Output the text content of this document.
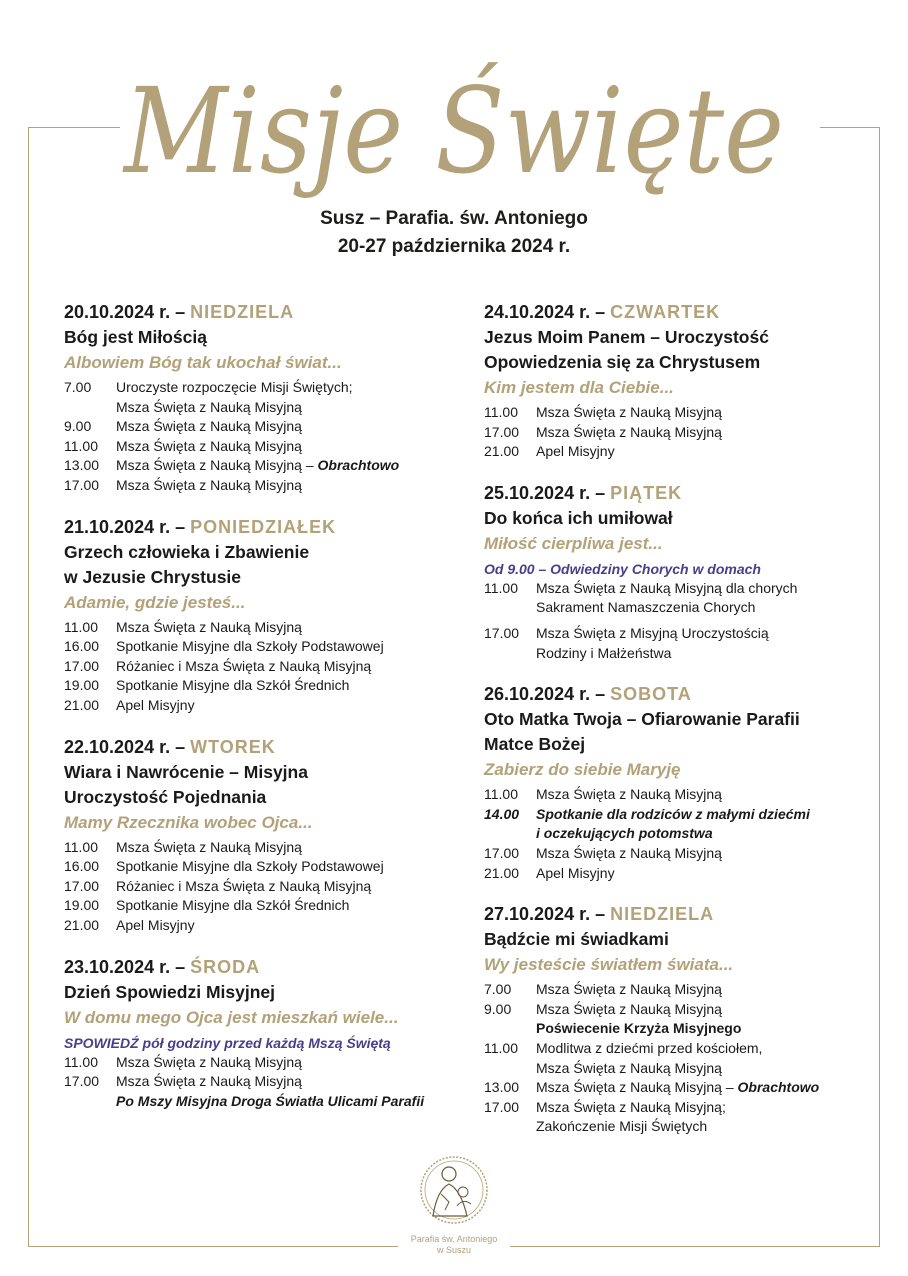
Misje Święte
Susz – Parafia. św. Antoniego
20-27 października 2024 r.
20.10.2024 r. – NIEDZIELA
Bóg jest Miłością
Albowiem Bóg tak ukochał świat...
7.00	Uroczyste rozpoczęcie Misji Świętych;
Msza Święta z Nauką Misyjną
9.00	Msza Święta z Nauką Misyjną
11.00	Msza Święta z Nauką Misyjną
13.00	Msza Święta z Nauką Misyjną – Obrachtowo
17.00	Msza Święta z Nauką Misyjną
21.10.2024 r. – PONIEDZIAŁEK
Grzech człowieka i Zbawienie
w Jezusie Chrystusie
Adamie, gdzie jesteś...
11.00	Msza Święta z Nauką Misyjną
16.00	Spotkanie Misyjne dla Szkoły Podstawowej
17.00	Różaniec i Msza Święta z Nauką Misyjną
19.00	Spotkanie Misyjne dla Szkół Średnich
21.00	Apel Misyjny
22.10.2024 r. – WTOREK
Wiara i Nawrócenie – Misyjna
Uroczystość Pojednania
Mamy Rzecznika wobec Ojca...
11.00	Msza Święta z Nauką Misyjną
16.00	Spotkanie Misyjne dla Szkoły Podstawowej
17.00	Różaniec i Msza Święta z Nauką Misyjną
19.00	Spotkanie Misyjne dla Szkół Średnich
21.00	Apel Misyjny
23.10.2024 r. – ŚRODA
Dzień Spowiedzi Misyjnej
W domu mego Ojca jest mieszkań wiele...
SPOWIEDŹ pół godziny przed każdą Mszą Świętą
11.00	Msza Święta z Nauką Misyjną
17.00	Msza Święta z Nauką Misyjną
Po Mszy Misyjna Droga Światła Ulicami Parafii
24.10.2024 r. – CZWARTEK
Jezus Moim Panem – Uroczystość
Opowiedzenia się za Chrystusem
Kim jestem dla Ciebie...
11.00	Msza Święta z Nauką Misyjną
17.00	Msza Święta z Nauką Misyjną
21.00	Apel Misyjny
25.10.2024 r. – PIĄTEK
Do końca ich umiłował
Miłość cierpliwa jest...
Od 9.00 – Odwiedziny Chorych w domach
11.00	Msza Święta z Nauką Misyjną dla chorych
Sakrament Namaszczenia Chorych
17.00	Msza Święta z Misyjną Uroczystością
Rodziny i Małżeństwa
26.10.2024 r. – SOBOTA
Oto Matka Twoja – Ofiarowanie Parafii
Matce Bożej
Zabierz do siebie Maryję
11.00	Msza Święta z Nauką Misyjną
14.00	Spotkanie dla rodziców z małymi dziećmi
i oczekujących potomstwa
17.00	Msza Święta z Nauką Misyjną
21.00	Apel Misyjny
27.10.2024 r. – NIEDZIELA
Bądźcie mi świadkami
Wy jesteście światłem świata...
7.00	Msza Święta z Nauką Misyjną
9.00	Msza Święta z Nauką Misyjną
Poświecenie Krzyża Misyjnego
11.00	Modlitwa z dziećmi przed kościołem,
Msza Święta z Nauką Misyjną
13.00	Msza Święta z Nauką Misyjną – Obrachtowo
17.00	Msza Święta z Nauką Misyjną;
Zakończenie Misji Świętych
Parafia św. Antoniego
w Suszu
